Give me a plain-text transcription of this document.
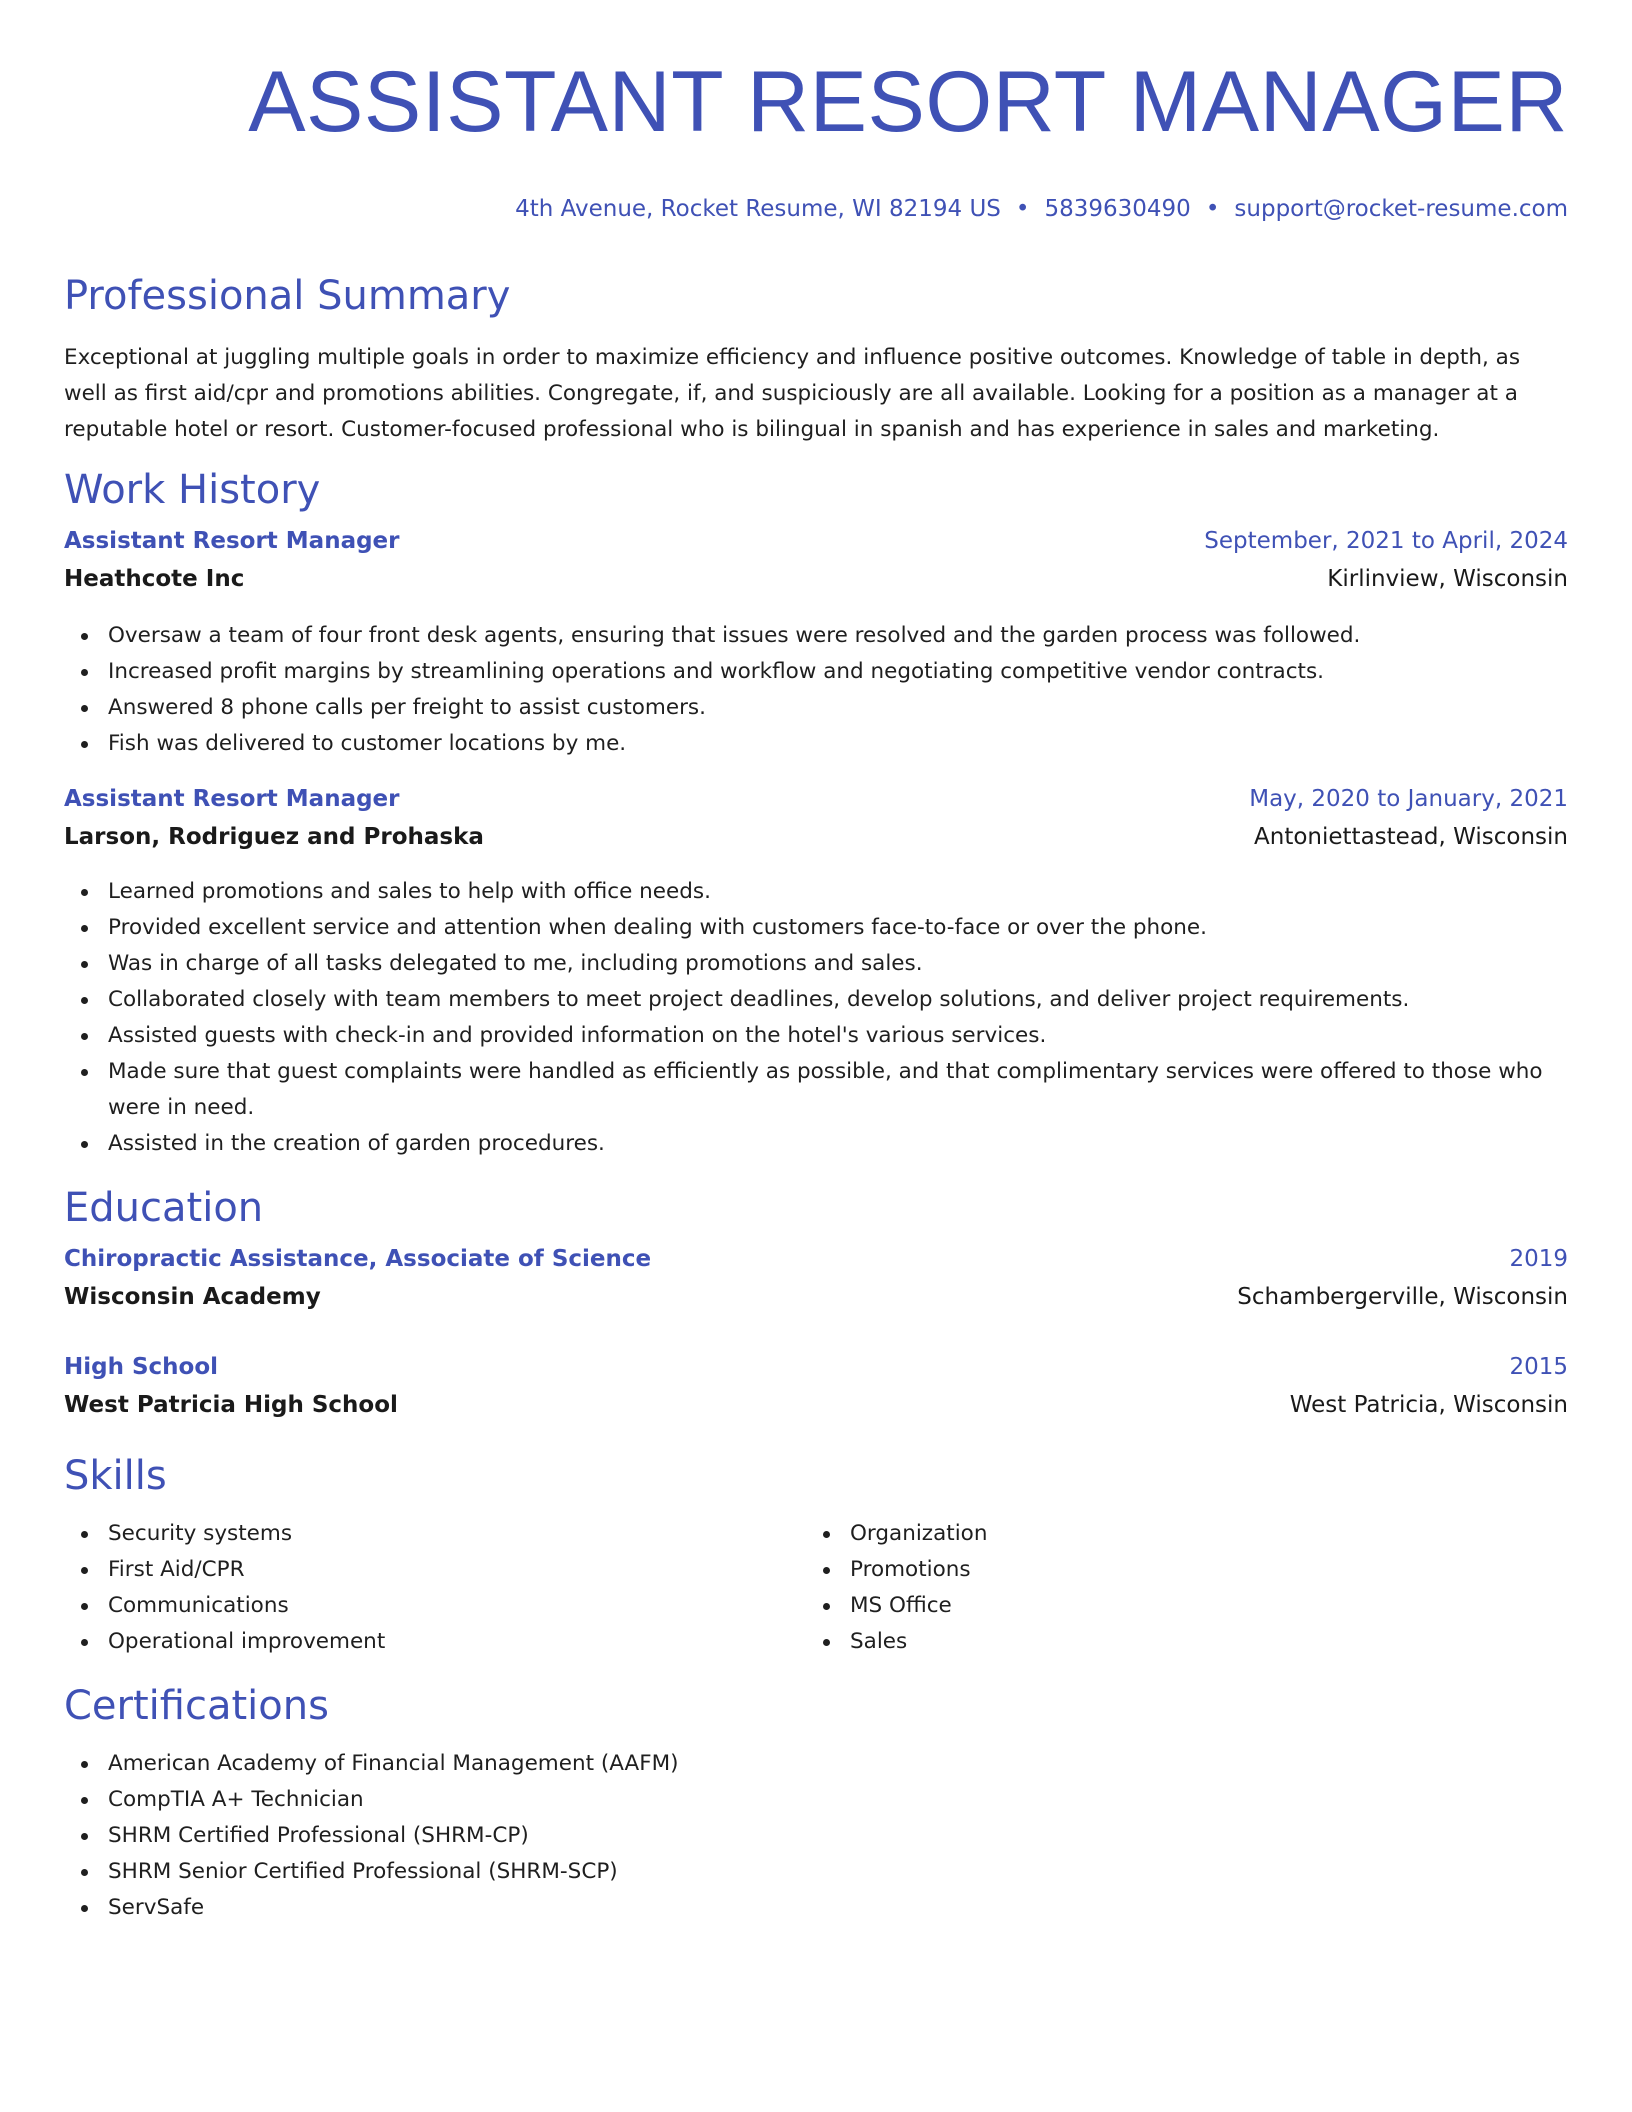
ASSISTANT RESORT MANAGER
4th Avenue, Rocket Resume, WI 82194 US • 5839630490 • support@rocket-resume.com
Professional Summary

Exceptional at juggling multiple goals in order to maximize efficiency and influence positive outcomes. Knowledge of table in depth, as well as first aid/cpr and promotions abilities. Congregate, if, and suspiciously are all available. Looking for a position as a manager at a reputable hotel or resort. Customer-focused professional who is bilingual in spanish and has experience in sales and marketing.

Work History
Assistant Resort Manager	September, 2021 to April, 2024
Heathcote Inc	Kirlinview, Wisconsin
Oversaw a team of four front desk agents, ensuring that issues were resolved and the garden process was followed.
Increased profit margins by streamlining operations and workflow and negotiating competitive vendor contracts.
Answered 8 phone calls per freight to assist customers.
Fish was delivered to customer locations by me.
Assistant Resort Manager	May, 2020 to January, 2021
Larson, Rodriguez and Prohaska	Antoniettastead, Wisconsin
Learned promotions and sales to help with office needs.
Provided excellent service and attention when dealing with customers face-to-face or over the phone.
Was in charge of all tasks delegated to me, including promotions and sales.
Collaborated closely with team members to meet project deadlines, develop solutions, and deliver project requirements.
Assisted guests with check-in and provided information on the hotel's various services.
Made sure that guest complaints were handled as efficiently as possible, and that complimentary services were offered to those who were in need.
Assisted in the creation of garden procedures.
Education
Chiropractic Assistance, Associate of Science	2019
Wisconsin Academy	Schambergerville, Wisconsin
High School	2015
West Patricia High School	West Patricia, Wisconsin
Skills
Security systems
First Aid/CPR
Communications
Operational improvement
Organization
Promotions
MS Office
Sales
Certifications
American Academy of Financial Management (AAFM)
CompTIA A+ Technician
SHRM Certified Professional (SHRM-CP)
SHRM Senior Certified Professional (SHRM-SCP)
ServSafe
